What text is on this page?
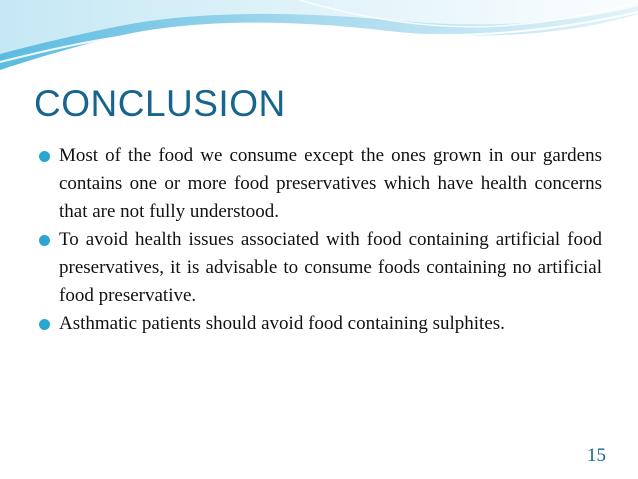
CONCLUSION
Most of the food we consume except the ones grown in our gardens contains one or more food preservatives which have health concerns that are not fully understood.
To avoid health issues associated with food containing artificial food preservatives, it is advisable to consume foods containing no artificial food preservative.
Asthmatic patients should avoid food containing sulphites.
15
